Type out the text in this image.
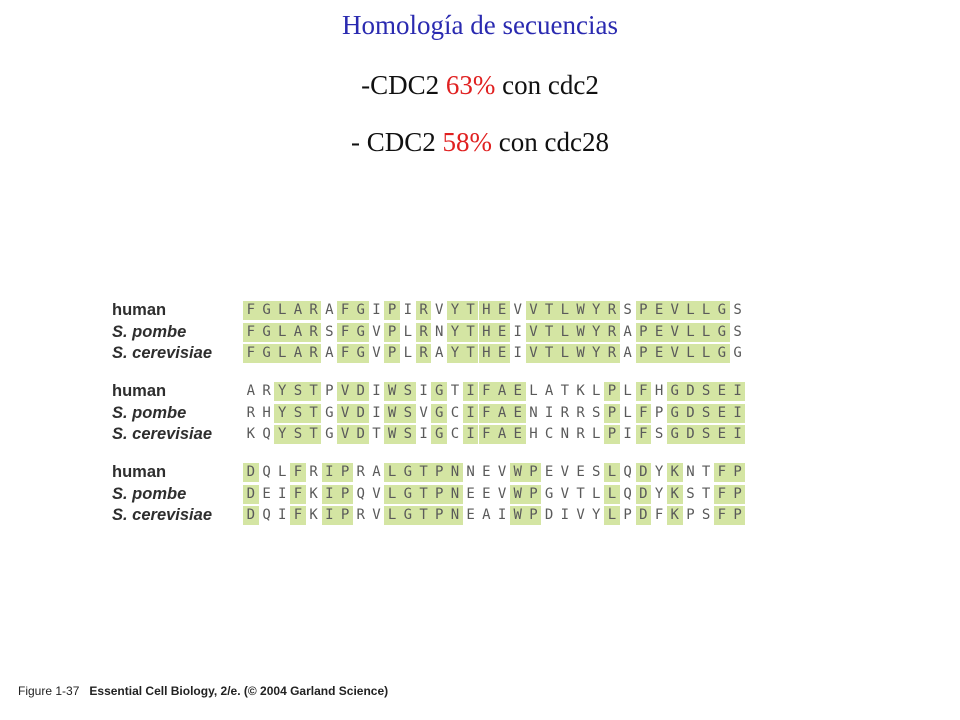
Homología de secuencias
-CDC2 63% con cdc2
- CDC2 58% con cdc28
human	F G L A R A F G I P I R V Y T H E V V T L W Y R S P E V L L G S
S. pombe	F G L A R S F G V P L R N Y T H E I V T L W Y R A P E V L L G S
S. cerevisiae	F G L A R A F G V P L R A Y T H E I V T L W Y R A P E V L L G G
human	A R Y S T P V D I W S I G T I F A E L A T K L P L F H G D S E I
S. pombe	R H Y S T G V D I W S V G C I F A E N I R R S P L F P G D S E I
S. cerevisiae	K Q Y S T G V D T W S I G C I F A E H C N R L P I F S G D S E I
human	D Q L F R I P R A L G T P N N E V W P E V E S L Q D Y K N T F P
S. pombe	D E I F K I P Q V L G T P N E E V W P G V T L L Q D Y K S T F P
S. cerevisiae	D Q I F K I P R V L G T P N E A I W P D I V Y L P D F K P S F P
Figure 1-37 Essential Cell Biology, 2/e. (© 2004 Garland Science)
